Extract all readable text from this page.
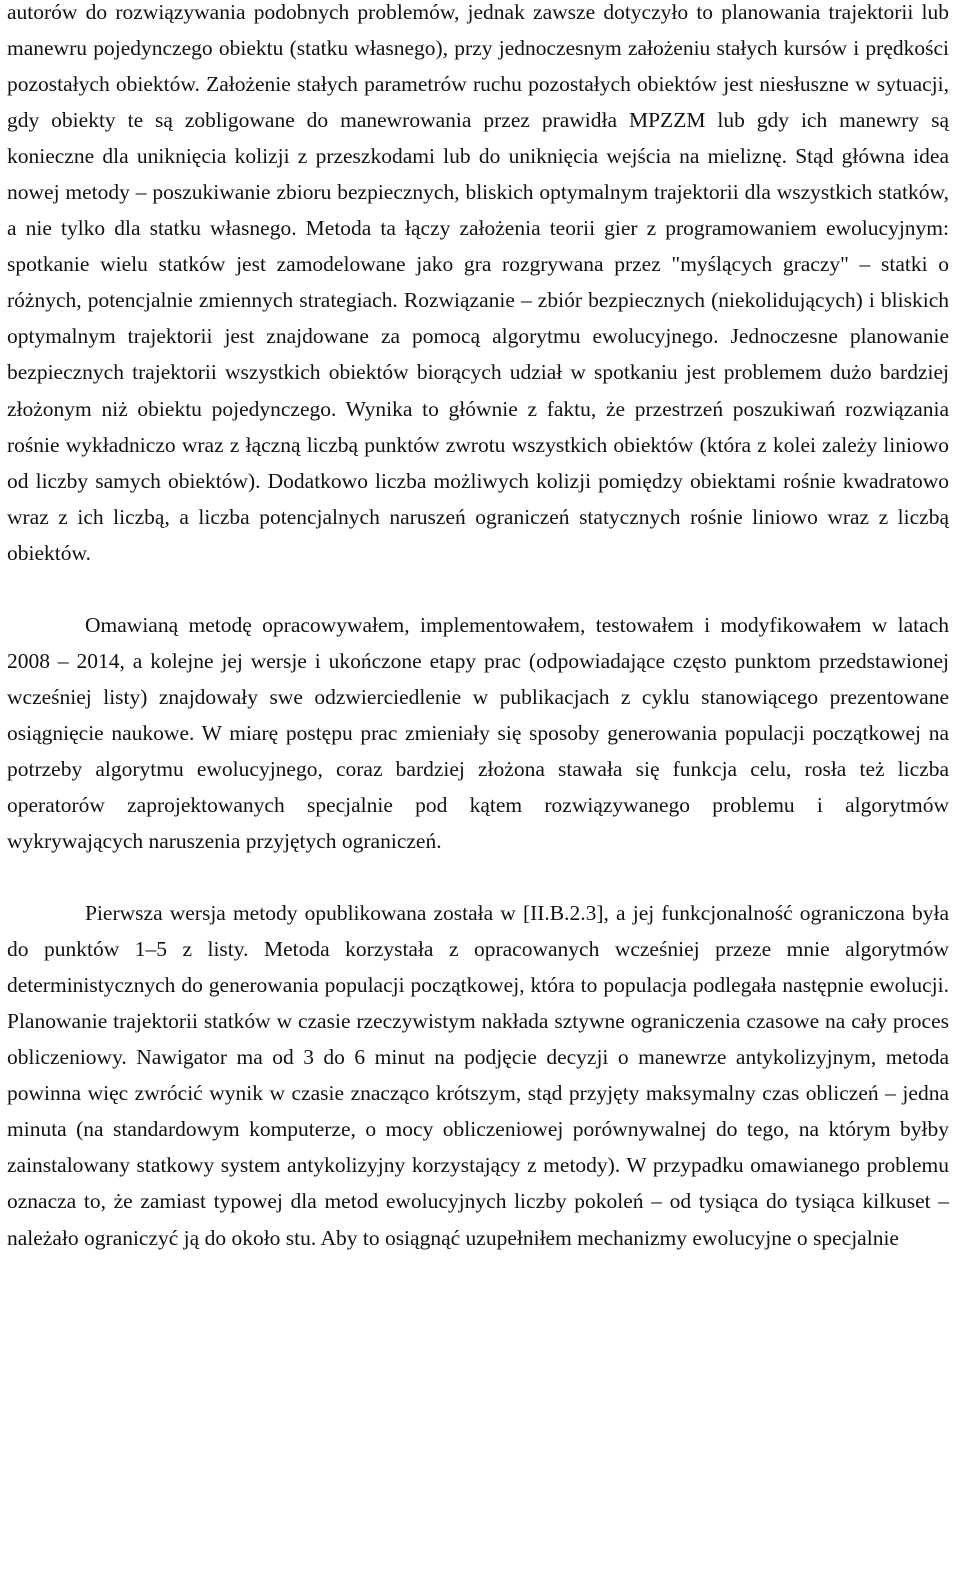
autorów do rozwiązywania podobnych problemów, jednak zawsze dotyczyło to planowania trajektorii lub manewru pojedynczego obiektu (statku własnego), przy jednoczesnym założeniu stałych kursów i prędkości pozostałych obiektów. Założenie stałych parametrów ruchu pozostałych obiektów jest niesłuszne w sytuacji, gdy obiekty te są zobligowane do manewrowania przez prawidła MPZZM lub gdy ich manewry są konieczne dla uniknięcia kolizji z przeszkodami lub do uniknięcia wejścia na mieliznę. Stąd główna idea nowej metody – poszukiwanie zbioru bezpiecznych, bliskich optymalnym trajektorii dla wszystkich statków, a nie tylko dla statku własnego. Metoda ta łączy założenia teorii gier z programowaniem ewolucyjnym: spotkanie wielu statków jest zamodelowane jako gra rozgrywana przez "myślących graczy" – statki o różnych, potencjalnie zmiennych strategiach. Rozwiązanie – zbiór bezpiecznych (niekolidujących) i bliskich optymalnym trajektorii jest znajdowane za pomocą algorytmu ewolucyjnego. Jednoczesne planowanie bezpiecznych trajektorii wszystkich obiektów biorących udział w spotkaniu jest problemem dużo bardziej złożonym niż obiektu pojedynczego. Wynika to głównie z faktu, że przestrzeń poszukiwań rozwiązania rośnie wykładniczo wraz z łączną liczbą punktów zwrotu wszystkich obiektów (która z kolei zależy liniowo od liczby samych obiektów). Dodatkowo liczba możliwych kolizji pomiędzy obiektami rośnie kwadratowo wraz z ich liczbą, a liczba potencjalnych naruszeń ograniczeń statycznych rośnie liniowo wraz z liczbą obiektów.

Omawianą metodę opracowywałem, implementowałem, testowałem i modyfikowałem w latach 2008 – 2014, a kolejne jej wersje i ukończone etapy prac (odpowiadające często punktom przedstawionej wcześniej listy) znajdowały swe odzwierciedlenie w publikacjach z cyklu stanowiącego prezentowane osiągnięcie naukowe. W miarę postępu prac zmieniały się sposoby generowania populacji początkowej na potrzeby algorytmu ewolucyjnego, coraz bardziej złożona stawała się funkcja celu, rosła też liczba operatorów zaprojektowanych specjalnie pod kątem rozwiązywanego problemu i algorytmów wykrywających naruszenia przyjętych ograniczeń.

Pierwsza wersja metody opublikowana została w [II.B.2.3], a jej funkcjonalność ograniczona była do punktów 1–5 z listy. Metoda korzystała z opracowanych wcześniej przeze mnie algorytmów deterministycznych do generowania populacji początkowej, która to populacja podlegała następnie ewolucji. Planowanie trajektorii statków w czasie rzeczywistym nakłada sztywne ograniczenia czasowe na cały proces obliczeniowy. Nawigator ma od 3 do 6 minut na podjęcie decyzji o manewrze antykolizyjnym, metoda powinna więc zwrócić wynik w czasie znacząco krótszym, stąd przyjęty maksymalny czas obliczeń – jedna minuta (na standardowym komputerze, o mocy obliczeniowej porównywalnej do tego, na którym byłby zainstalowany statkowy system antykolizyjny korzystający z metody). W przypadku omawianego problemu oznacza to, że zamiast typowej dla metod ewolucyjnych liczby pokoleń – od tysiąca do tysiąca kilkuset – należało ograniczyć ją do około stu. Aby to osiągnąć uzupełniłem mechanizmy ewolucyjne o specjalnie
